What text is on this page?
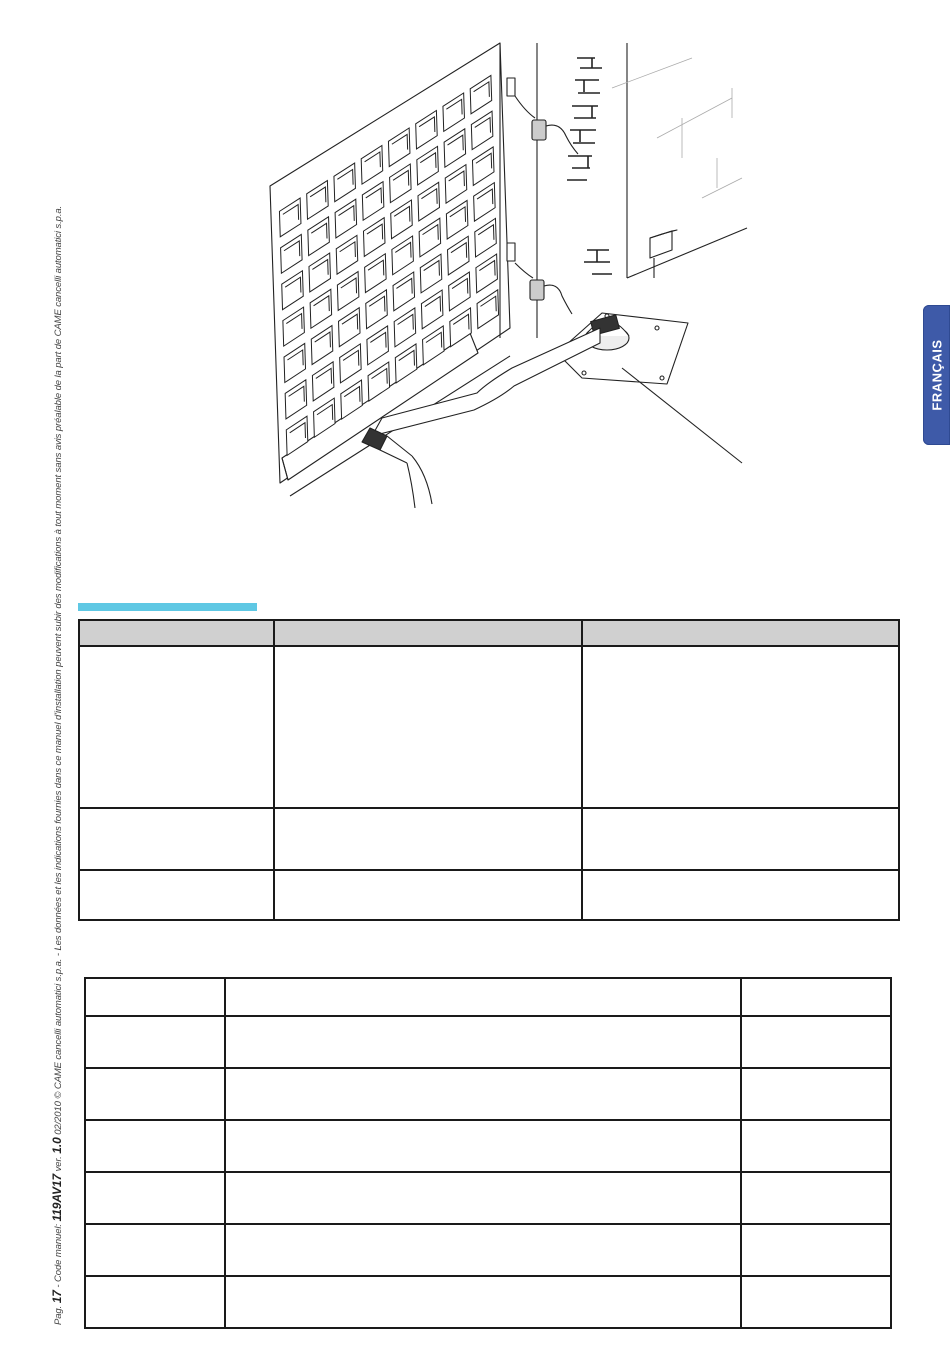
Pag. 17 - Code manuel: 119AV17 ver. 1.0 02/2010 © CAME cancelli automatici s.p.a. - Les données et les indications fournies dans ce manuel d'installation peuvent subir des modifications à tout moment sans avis préalable de la part de CAME cancelli automatici s.p.a.	FRANÇAIS
